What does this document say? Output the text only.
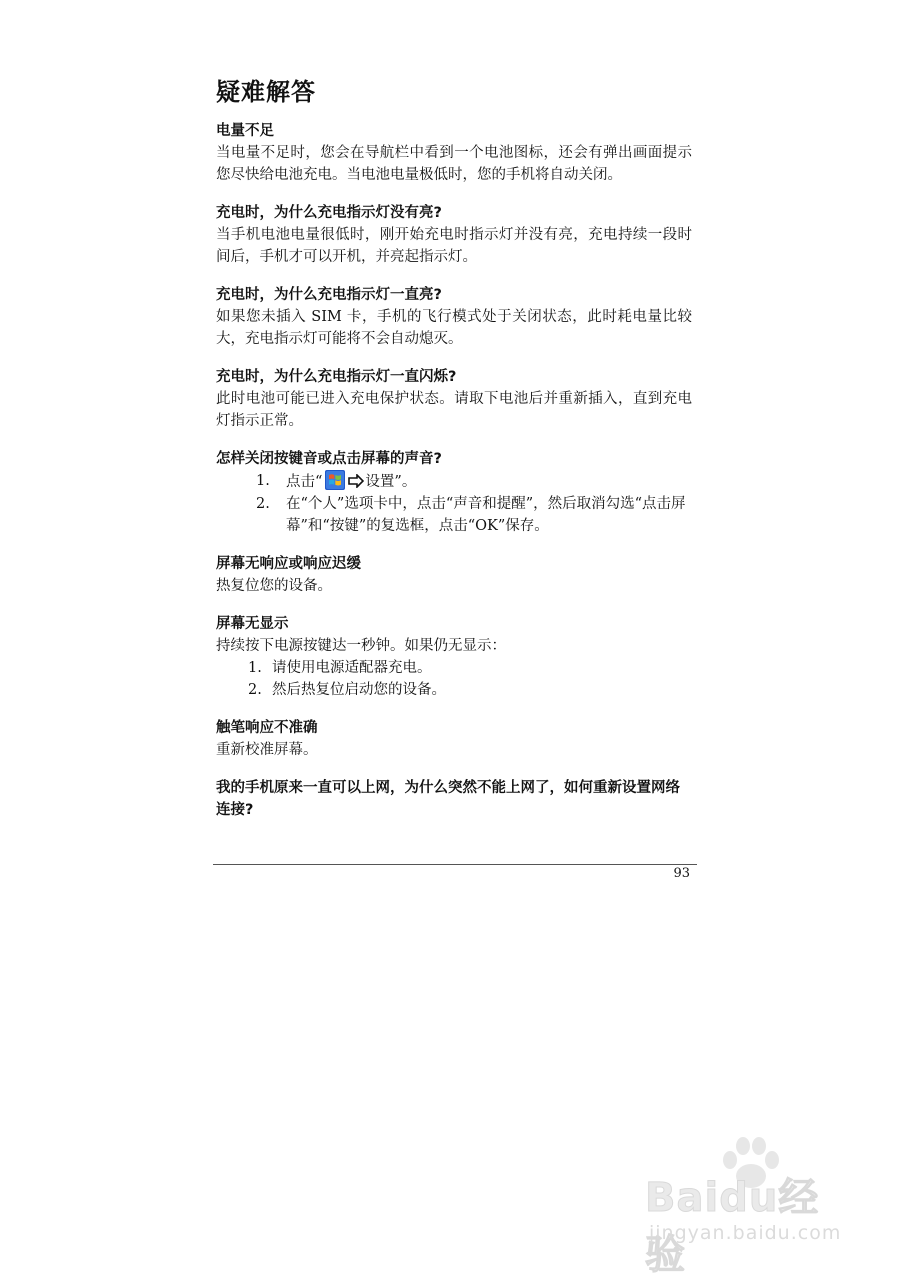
疑难解答
电量不足
当电量不足时，您会在导航栏中看到一个电池图标，还会有弹出画面提示您尽快给电池充电。当电池电量极低时，您的手机将自动关闭。
充电时，为什么充电指示灯没有亮?
当手机电池电量很低时，刚开始充电时指示灯并没有亮，充电持续一段时间后，手机才可以开机，并亮起指示灯。
充电时，为什么充电指示灯一直亮?
如果您未插入 SIM 卡，手机的飞行模式处于关闭状态，此时耗电量比较大，充电指示灯可能将不会自动熄灭。
充电时，为什么充电指示灯一直闪烁?
此时电池可能已进入充电保护状态。请取下电池后并重新插入，直到充电灯指示正常。
怎样关闭按键音或点击屏幕的声音?
1. 点击“	设置”。
2. 在“个人”选项卡中，点击“声音和提醒”，然后取消勾选“点击屏幕”和“按键”的复选框，点击“OK”保存。
屏幕无响应或响应迟缓
热复位您的设备。
屏幕无显示
持续按下电源按键达一秒钟。如果仍无显示：
1. 请使用电源适配器充电。
2. 然后热复位启动您的设备。
触笔响应不准确
重新校准屏幕。
我的手机原来一直可以上网，为什么突然不能上网了，如何重新设置网络连接?
93
Baidu经验
jingyan.baidu.com
